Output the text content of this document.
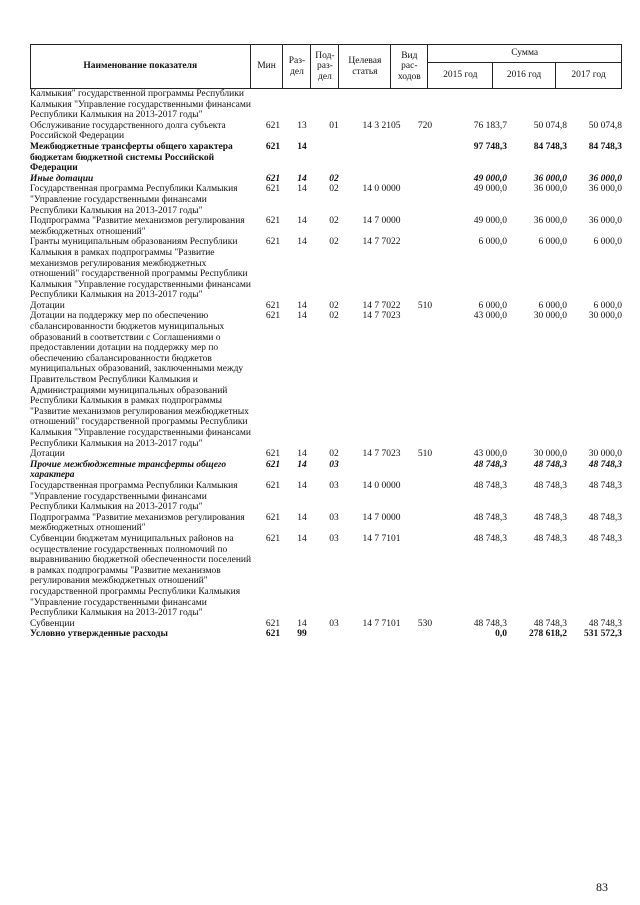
Наименование показателя	Мин	Раз-дел	Под-раз-дел	Целевая статья	Вид рас-ходов	Сумма		
						2015 год	2016 год	2017 год
Калмыкия" государственной программы Республики Калмыкия "Управление государственными финансами Республики Калмыкия на 2013-2017 годы"								
Обслуживание государственного долга субъекта Российской Федерации	621	13	01	14 3 2105	720	76 183,7	50 074,8	50 074,8
Межбюджетные трансферты общего характера бюджетам бюджетной системы Российской Федерации	621	14				97 748,3	84 748,3	84 748,3
Иные дотации	621	14	02			49 000,0	36 000,0	36 000,0
Государственная программа Республики Калмыкия "Управление государственными финансами Республики Калмыкия на 2013-2017 годы"	621	14	02	14 0 0000		49 000,0	36 000,0	36 000,0
Подпрограмма "Развитие механизмов регулирования межбюджетных отношений"	621	14	02	14 7 0000		49 000,0	36 000,0	36 000,0
Гранты муниципальным образованиям Республики Калмыкия в рамках подпрограммы "Развитие механизмов регулирования межбюджетных отношений" государственной программы Республики Калмыкия "Управление государственными финансами Республики Калмыкия на 2013-2017 годы"	621	14	02	14 7 7022		6 000,0	6 000,0	6 000,0
Дотации	621	14	02	14 7 7022	510	6 000,0	6 000,0	6 000,0
Дотации на поддержку мер по обеспечению сбалансированности бюджетов муниципальных образований в соответствии с Соглашениями о предоставлении дотации на поддержку мер по обеспечению сбалансированности бюджетов муниципальных образований, заключенными между Правительством Республики Калмыкия и Администрациями муниципальных образований Республики Калмыкия в рамках подпрограммы "Развитие механизмов регулирования межбюджетных отношений" государственной программы Республики Калмыкия "Управление государственными финансами Республики Калмыкия на 2013-2017 годы"	621	14	02	14 7 7023		43 000,0	30 000,0	30 000,0
Дотации	621	14	02	14 7 7023	510	43 000,0	30 000,0	30 000,0
Прочие межбюджетные трансферты общего характера	621	14	03			48 748,3	48 748,3	48 748,3
Государственная программа Республики Калмыкия "Управление государственными финансами Республики Калмыкия на 2013-2017 годы"	621	14	03	14 0 0000		48 748,3	48 748,3	48 748,3
Подпрограмма "Развитие механизмов регулирования межбюджетных отношений"	621	14	03	14 7 0000		48 748,3	48 748,3	48 748,3
Субвенции бюджетам муниципальных районов на осуществление государственных полномочий по выравниванию бюджетной обеспеченности поселений в рамках подпрограммы "Развитие механизмов регулирования межбюджетных отношений" государственной программы Республики Калмыкия "Управление государственными финансами Республики Калмыкия на 2013-2017 годы"	621	14	03	14 7 7101		48 748,3	48 748,3	48 748,3
Субвенции	621	14	03	14 7 7101	530	48 748,3	48 748,3	48 748,3
Условно утвержденные расходы	621	99				0,0	278 618,2	531 572,3
83
